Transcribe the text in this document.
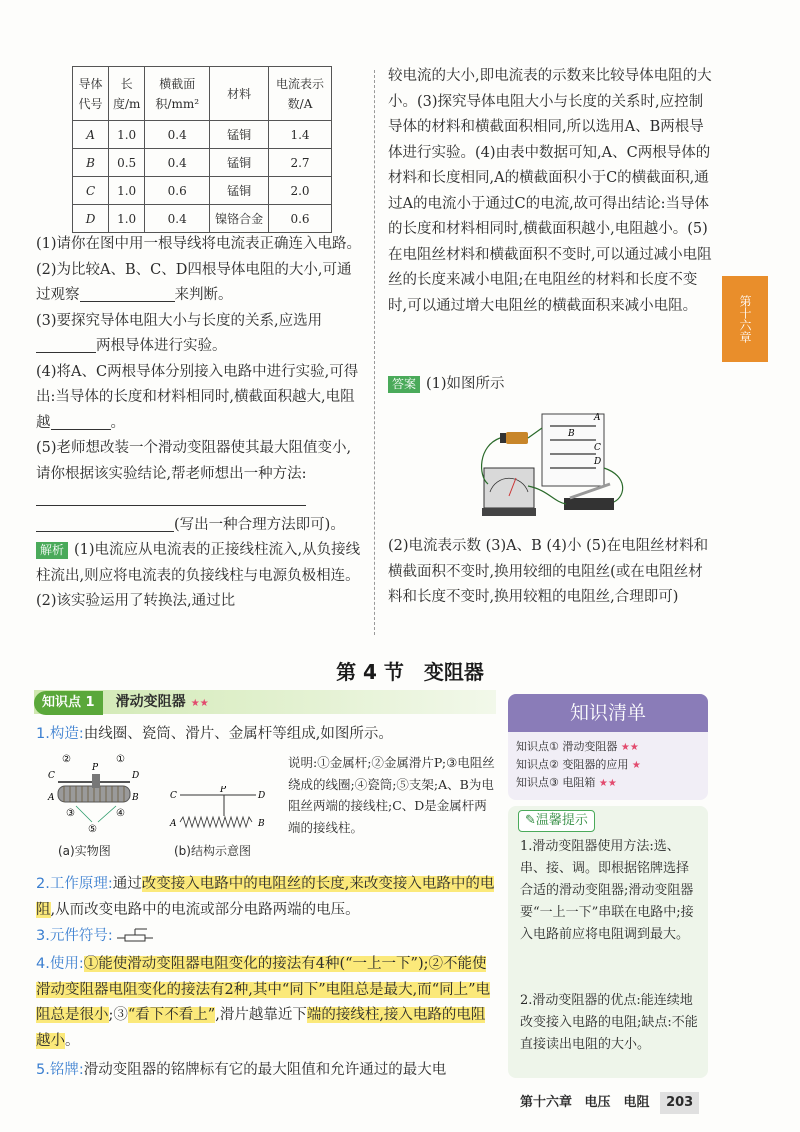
导体代号	长度/m	横截面积/mm²	材料	电流表示数/A
A	1.0	0.4	锰铜	1.4
B	0.5	0.4	锰铜	2.7
C	1.0	0.6	锰铜	2.0
D	1.0	0.4	镍铬合金	0.6
(1)请你在图中用一根导线将电流表正确连入电路。
(2)为比较A、B、C、D四根导体电阻的大小,可通过观察	来判断。
(3)要探究导体电阻大小与长度的关系,应选用
两根导体进行实验。
(4)将A、C两根导体分别接入电路中进行实验,可得出:当导体的长度和材料相同时,横截面积越大,电阻越	。
(5)老师想改装一个滑动变阻器使其最大阻值变小,请你根据该实验结论,帮老师想出一种方法:
(写出一种合理方法即可)。
解析 (1)电流应从电流表的正接线柱流入,从负接线柱流出,则应将电流表的负接线柱与电源负极相连。(2)该实验运用了转换法,通过比
较电流的大小,即电流表的示数来比较导体电阻的大小。(3)探究导体电阻大小与长度的关系时,应控制导体的材料和横截面积相同,所以选用A、B两根导体进行实验。(4)由表中数据可知,A、C两根导体的材料和长度相同,A的横截面积小于C的横截面积,通过A的电流小于通过C的电流,故可得出结论:当导体的长度和材料相同时,横截面积越小,电阻越小。(5)在电阻丝材料和横截面积不变时,可以通过减小电阻丝的长度来减小电阻;在电阻丝的材料和长度不变时,可以通过增大电阻丝的横截面积来减小电阻。
答案 (1)如图所示
A
B
C
D
(2)电流表示数 (3)A、B (4)小 (5)在电阻丝材料和横截面积不变时,换用较细的电阻丝(或在电阻丝材料和长度不变时,换用较粗的电阻丝,合理即可)
第十六章
第 4 节　变阻器
知识点 1 滑动变阻器 ★★
1.构造:由线圈、瓷筒、滑片、金属杆等组成,如图所示。
②
P
①
C	D
A	B
③	④
⑤
C	D
P
A	B
(a)实物图	(b)结构示意图
说明:①金属杆;②金属滑片P;③电阻丝绕成的线圈;④瓷筒;⑤支架;A、B为电阻丝两端的接线柱;C、D是金属杆两端的接线柱。
2.工作原理:通过改变接入电路中的电阻丝的长度,来改变接入电路中的电阻,从而改变电路中的电流或部分电路两端的电压。
3.元件符号:
4.使用:①能使滑动变阻器电阻变化的接法有4种(“一上一下”);②不能使滑动变阻器电阻变化的接法有2种,其中“同下”电阻总是最大,而“同上”电阻总是很小;③“看下不看上”,滑片越靠近下端的接线柱,接入电路的电阻越小。
5.铭牌:滑动变阻器的铭牌标有它的最大阻值和允许通过的最大电
知识清单
知识点① 滑动变阻器 ★★
知识点② 变阻器的应用 ★
知识点③ 电阻箱 ★★
✎温馨提示
1.滑动变阻器使用方法:选、串、接、调。即根据铭牌选择合适的滑动变阻器;滑动变阻器要“一上一下”串联在电路中;接入电路前应将电阻调到最大。
2.滑动变阻器的优点:能连续地改变接入电路的电阻;缺点:不能直接读出电阻的大小。
第十六章 电压　电阻 203
